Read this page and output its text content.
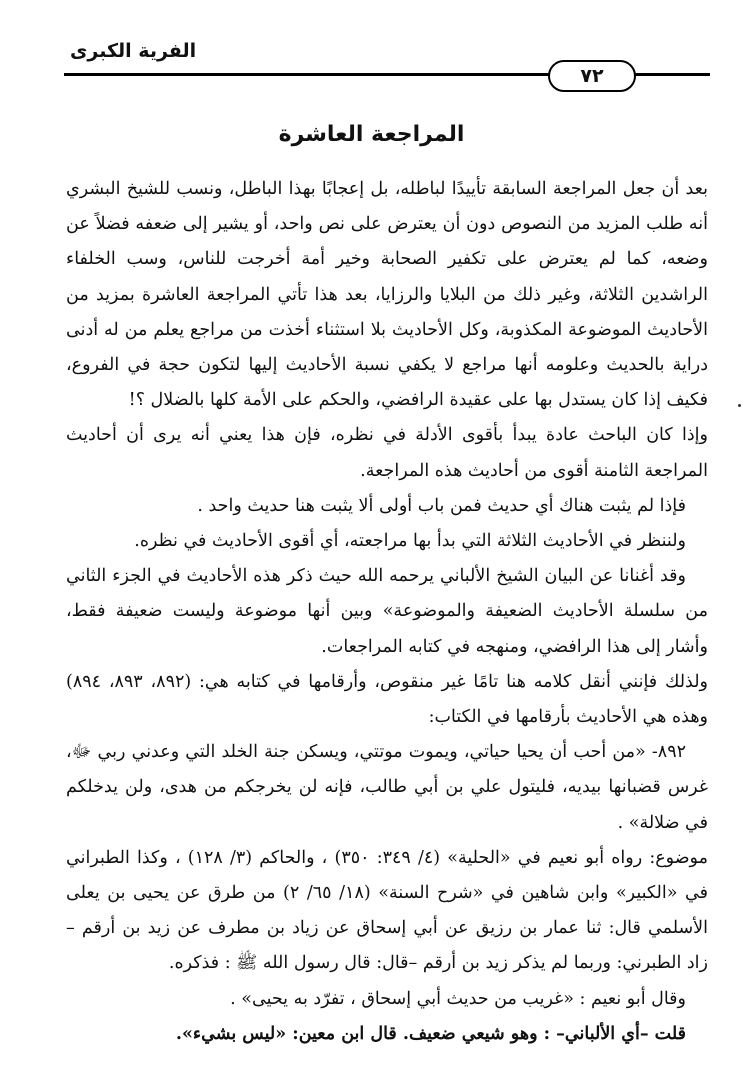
الفرية الكبرى
٧٢
المراجعة العاشرة

بعد أن جعل المراجعة السابقة تأييدًا لباطله، بل إعجابًا بهذا الباطل، ونسب للشيخ البشري أنه طلب المزيد من النصوص دون أن يعترض على نص واحد، أو يشير إلى ضعفه فضلاً عن وضعه، كما لم يعترض على تكفير الصحابة وخير أمة أخرجت للناس، وسب الخلفاء الراشدين الثلاثة، وغير ذلك من البلايا والرزايا، بعد هذا تأتي المراجعة العاشرة بمزيد من الأحاديث الموضوعة المكذوبة، وكل الأحاديث بلا استثناء أخذت من مراجع يعلم من له أدنى دراية بالحديث وعلومه أنها مراجع لا يكفي نسبة الأحاديث إليها لتكون حجة في الفروع، فكيف إذا كان يستدل بها على عقيدة الرافضي، والحكم على الأمة كلها بالضلال ؟!

وإذا كان الباحث عادة يبدأ بأقوى الأدلة في نظره، فإن هذا يعني أنه يرى أن أحاديث المراجعة الثامنة أقوى من أحاديث هذه المراجعة.

فإذا لم يثبت هناك أي حديث فمن باب أولى ألا يثبت هنا حديث واحد .

ولننظر في الأحاديث الثلاثة التي بدأ بها مراجعته، أي أقوى الأحاديث في نظره.

وقد أغنانا عن البيان الشيخ الألباني يرحمه الله حيث ذكر هذه الأحاديث في الجزء الثاني من سلسلة الأحاديث الضعيفة والموضوعة» وبين أنها موضوعة وليست ضعيفة فقط، وأشار إلى هذا الرافضي، ومنهجه في كتابه المراجعات.

ولذلك فإنني أنقل كلامه هنا تامًا غير منقوص، وأرقامها في كتابه هي: (٨٩٢، ٨٩٣، ٨٩٤) وهذه هي الأحاديث بأرقامها في الكتاب:

٨٩٢- «من أحب أن يحيا حياتي، ويموت موتتي، ويسكن جنة الخلد التي وعدني ربي ﷻ، غرس قضبانها بيديه، فليتول علي بن أبي طالب، فإنه لن يخرجكم من هدى، ولن يدخلكم في ضلالة» .

موضوع: رواه أبو نعيم في «الحلية» (٤/ ٣٤٩: ٣٥٠) ، والحاكم (٣/ ١٢٨) ، وكذا الطبراني في «الكبير» وابن شاهين في «شرح السنة» (١٨/ ٦٥/ ٢) من طرق عن يحيى بن يعلى الأسلمي قال: ثنا عمار بن رزيق عن أبي إسحاق عن زياد بن مطرف عن زيد بن أرقم – زاد الطبرني: وربما لم يذكر زيد بن أرقم –قال: قال رسول الله ﷺ : فذكره.

وقال أبو نعيم : «غريب من حديث أبي إسحاق ، تفرّد به يحيى» .

قلت –أي الألباني– : وهو شيعي ضعيف. قال ابن معين: «ليس بشيء».
